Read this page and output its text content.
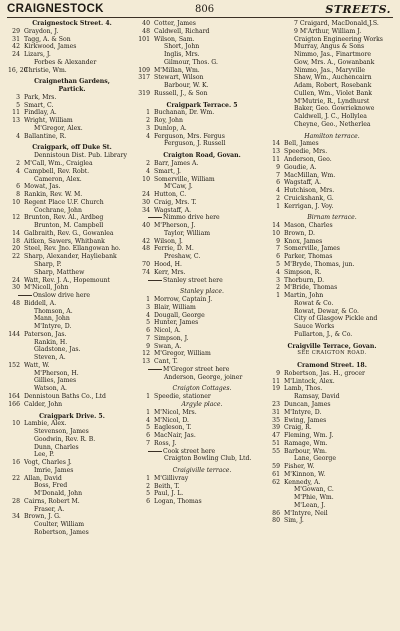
CRAIGNESTOCK	806	STREETS.
Craignestock Street. 4.
29 Graydon, J.
31 Tagg, A. & Son
42 Kirkwood, James
24 Lizars, J.
Forbes & Alexander
16, 20
Christie, Wm.
Craignethan Gardens,
Partick.
3 Park, Mrs.
5 Smart, C.
11 Findlay, A.
13 Wright, William
M'Gregor, Alex.
4 Ballantine, R.
Craigpark, off Duke St.
Dennistoun Dist. Pub. Library
2 M'Call, Wm., Craiglea
4 Campbell, Rev. Robt.
Cameron, Alex.
6 Mowat, Jas.
8 Rankin, Rev. W. M.
10 Regent Place U.F. Church
Cochrane, John
12 Brunton, Rev. Al., Ardbeg
Brunton, M. Campbell
14 Galbraith, Rev. G., Gowanlea
18 Aitken, Sawers, Whitbank
20 Steel, Rev. Jno. Ellangowan ho.
22 Sharp, Alexander, Hayliebank
Sharp, P.
Sharp, Matthew
24 Watt, Rev. J. A., Hopemount
30 M'Nicoll, John
Onslow drive here
48 Biddell, A.
Thomson, A.
Mann, John
M'Intyre, D.
144 Paterson, Jas.
Rankin, H.
Gladstone, Jas.
Steven, A.
152 Watt, W.
M'Pherson, H.
Gillies, James
Watson, A.
164 Dennistoun Baths Co., Ltd
166 Calder, John
Craigpark Drive. 5.
10 Lambie, Alex.
Stevenson, James
Goodwin, Rev. R. B.
Dunn, Charles
Lee, P.
16 Vogt, Charles J.
Imrie, James
22 Allan, David
Boss, Fred
M'Donald, John
28 Cairns, Robert M.
Fraser, A.
34 Brown, J. G.
Coulter, William
Robertson, James
40 Cotter, James
48 Caldwell, Richard
101 Wilson, Sam.
Short, John
Inglis, Mrs.
Gilmour, Thos. G.
109 M'Millan, Wm.
317 Stewart, Wilson
Barbour, W. K.
319 Russell, J., & Son
Craigpark Terrace. 5
1 Buchanan, Dr. Wm.
2 Roy, John
3 Dunlop, A.
4 Ferguson, Mrs. Fergus
Ferguson, J. Russell
Craigton Road, Govan.
2 Barr, James A.
4 Smart, J.
10 Somerville, William
M'Caw, J.
24 Hutton, C.
30 Craig, Mrs. T.
34 Wagstaff, A.
Nimmo drive here
40 M'Pherson, J.
Taylor, William
42 Wilson, J.
48 Ferrie, D. M.
Preshaw, C.
70 Hood, H.
74 Kerr, Mrs.
Stanley street here
Stanley place.
1 Morrow, Captain J.
3 Blair, William
4 Dougall, George
5 Hunter, James
6 Nicol, A.
7 Simpson, J.
9 Swan, A.
12 M'Gregor, William
13 Cant, T.
M'Gregor street here
Anderson, George, joiner
Craigton Cottages.
1 Speedie, stationer
Argyle place.
1 M'Nicol, Mrs.
4 M'Nicol, D.
5 Eagleson, T.
6 MacNair, Jas.
7 Ross, J.
Cook street here
Craigton Bowling Club, Ltd.
Craigiville terrace.
1 M'Gillivray
2 Beith, T.
5 Paul, J. L.
6 Logan, Thomas
7 Craigard, MacDonald,J.S.
9 M'Arthur, William J.
Craigton Engineering Works
Murray, Angus & Sons
Nimmo, Jas., Finartmore
Gow, Mrs. A., Gowanbank
Nimmo, Jas., Maryville
Shaw, Wm., Auchencairn
Adam, Robert, Rosebank
Cullen, Wm., Violet Bank
M'Mutrie, R., Lyndhurst
Baker, Geo. Gowrieknowe
Caldwell, J. C., Hollylea
Cheyne, Geo., Netherlea
Hamilton terrace.
14 Bell, James
13 Speedie, Mrs.
11 Anderson, Geo.
9 Goudie, A.
7 MacMillan, Wm.
6 Wagstaff, A.
4 Hutchison, Mrs.
2 Cruickshank, G.
1 Kerrigan, J. Voy.
Birnam terrace.
14 Mason, Charles
10 Brown, D.
9 Knox, James
7 Somerville, James
6 Parker, Thomas
5 M'Bryde, Thomas, jun.
4 Simpson, R.
3 Thorburn, D.
2 M'Bride, Thomas
1 Martin, John
Rowat & Co.
Rowat, Dewar, & Co.
City of Glasgow Pickle and
Sauce Works
Fullarton, J., & Co.
Craigville Terrace, Govan.
SEE CRAIGTON ROAD.
Cramond Street. 18.
9 Robertson, Jas. H., grocer
11 M'Lintock, Alex.
19 Lamb, Thos.
Ramsay, David
23 Duncan, James
31 M'Intyre, D.
35 Ewing, James
39 Craig, R.
47 Fleming, Wm. J.
51 Ramage, Wm.
55 Barbour, Wm.
Lane, George
59 Fisher, W.
61 M'Kinnon, W.
62 Kennedy, A.
M'Gowan, C.
M'Phie, Wm.
M'Lean, J.
86 M'Intyre, Neil
80 Sim, J.
